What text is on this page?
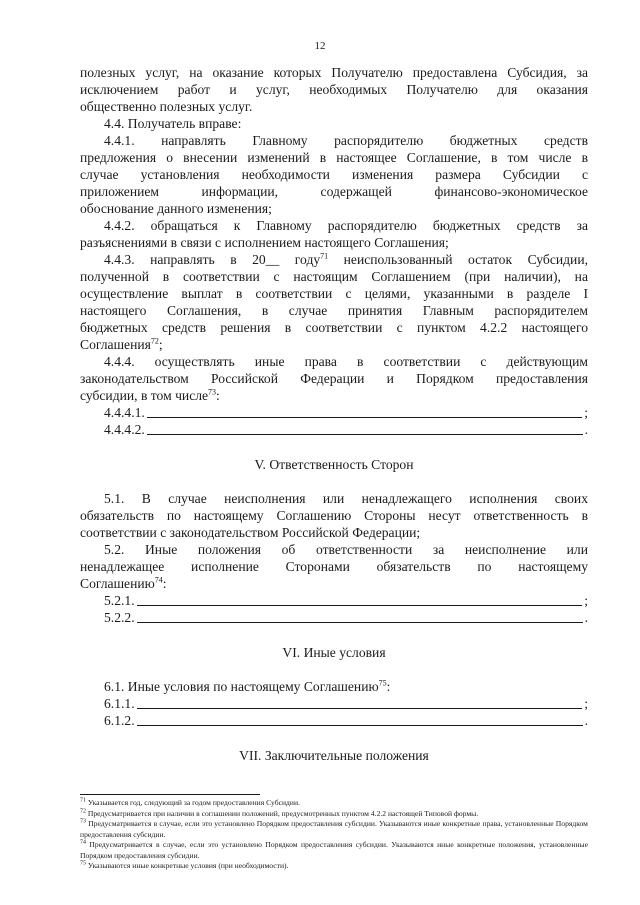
12

полезных услуг, на оказание которых Получателю предоставлена Субсидия, за
исключением работ и услуг, необходимых Получателю для оказания
общественно полезных услуг.

4.4. Получатель вправе:

4.4.1. направлять Главному распорядителю бюджетных средств

предложения о внесении изменений в настоящее Соглашение, в том числе в
случае установления необходимости изменения размера Субсидии с
приложением информации, содержащей финансово-экономическое
обоснование данного изменения;

4.4.2. обращаться к Главному распорядителю бюджетных средств за

разъяснениями в связи с исполнением настоящего Соглашения;

4.4.3. направлять в 20__ году$^{71}$ неиспользованный остаток Субсидии,

полученной в соответствии с настоящим Соглашением (при наличии), на
осуществление выплат в соответствии с целями, указанными в разделе I
настоящего Соглашения, в случае принятия Главным распорядителем
бюджетных средств решения в соответствии с пунктом 4.2.2 настоящего
Соглашения$^{72}$;

4.4.4. осуществлять иные права в соответствии с действующим

законодательством Российской Федерации и Порядком предоставления
субсидии, в том числе$^{73}$:

4.4.4.1.	;
4.4.4.2.	.

V. Ответственность Сторон

5.1. В случае неисполнения или ненадлежащего исполнения своих

обязательств по настоящему Соглашению Стороны несут ответственность в
соответствии с законодательством Российской Федерации;

5.2. Иные положения об ответственности за неисполнение или

ненадлежащее исполнение Сторонами обязательств по настоящему
Соглашению$^{74}$:

5.2.1.	;
5.2.2.	.

VI. Иные условия

6.1. Иные условия по настоящему Соглашению$^{75}$:

6.1.1.	;
6.1.2.	.

VII. Заключительные положения

$^{71}$ Указывается год, следующий за годом предоставления Субсидии.

$^{72}$ Предусматривается при наличии в соглашении положений, предусмотренных пунктом 4.2.2 настоящей Типовой формы.

$^{73}$ Предусматривается в случае, если это установлено Порядком предоставления субсидии. Указываются иные конкретные права, установленные Порядком предоставления субсидии.

$^{74}$ Предусматривается в случае, если это установлено Порядком предоставления субсидии. Указываются иные конкретные положения, установленные Порядком предоставления субсидии.

$^{75}$ Указываются иные конкретные условия (при необходимости).
